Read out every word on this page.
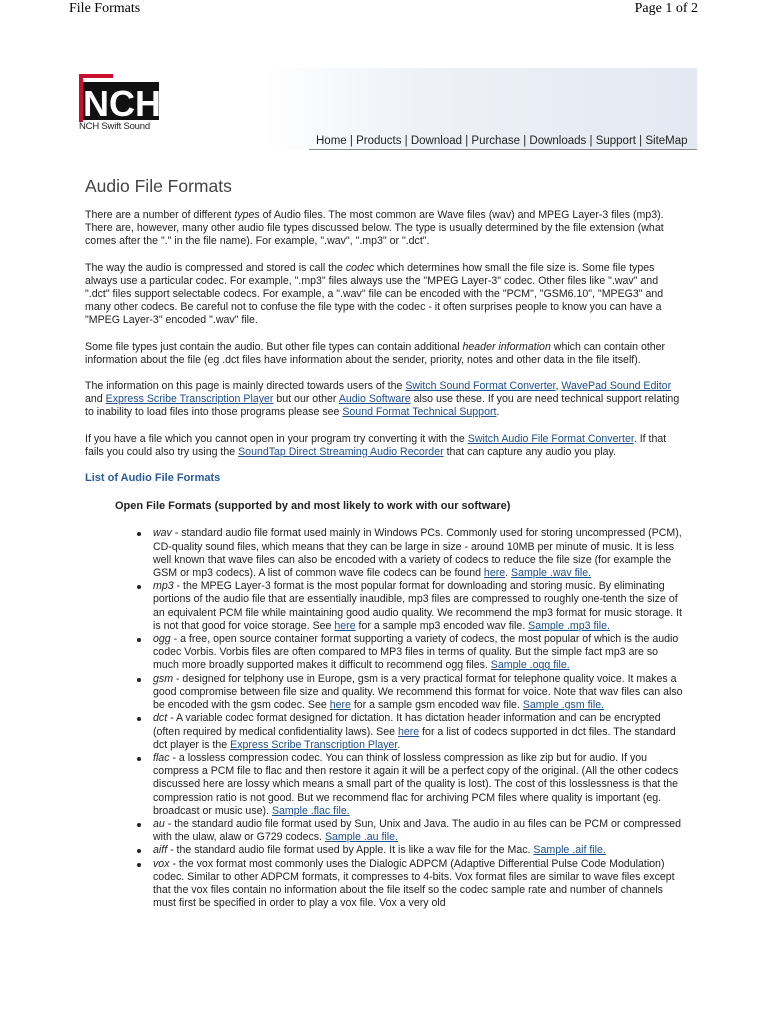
File Formats	Page 1 of 2
NCH
NCH Swift Sound
Home | Products | Download | Purchase | Downloads | Support | SiteMap
Audio File Formats

There are a number of different types of Audio files. The most common are Wave files (wav) and MPEG Layer-3 files (mp3). There are, however, many other audio file types discussed below. The type is usually determined by the file extension (what comes after the "." in the file name). For example, ".wav", ".mp3" or ".dct".

The way the audio is compressed and stored is call the codec which determines how small the file size is. Some file types always use a particular codec. For example, ".mp3" files always use the "MPEG Layer-3" codec. Other files like ".wav" and ".dct" files support selectable codecs. For example, a ".wav" file can be encoded with the "PCM", "GSM6.10", "MPEG3" and many other codecs. Be careful not to confuse the file type with the codec - it often surprises people to know you can have a "MPEG Layer-3" encoded ".wav" file.

Some file types just contain the audio. But other file types can contain additional header information which can contain other information about the file (eg .dct files have information about the sender, priority, notes and other data in the file itself).

The information on this page is mainly directed towards users of the Switch Sound Format Converter, WavePad Sound Editor and Express Scribe Transcription Player but our other Audio Software also use these. If you are need technical support relating to inability to load files into those programs please see Sound Format Technical Support.

If you have a file which you cannot open in your program try converting it with the Switch Audio File Format Converter. If that fails you could also try using the SoundTap Direct Streaming Audio Recorder that can capture any audio you play.

List of Audio File Formats
Open File Formats (supported by and most likely to work with our software)
wav - standard audio file format used mainly in Windows PCs. Commonly used for storing uncompressed (PCM), CD-quality sound files, which means that they can be large in size - around 10MB per minute of music. It is less well known that wave files can also be encoded with a variety of codecs to reduce the file size (for example the GSM or mp3 codecs). A list of common wave file codecs can be found here. Sample .wav file.
mp3 - the MPEG Layer-3 format is the most popular format for downloading and storing music. By eliminating portions of the audio file that are essentially inaudible, mp3 files are compressed to roughly one-tenth the size of an equivalent PCM file while maintaining good audio quality. We recommend the mp3 format for music storage. It is not that good for voice storage. See here for a sample mp3 encoded wav file. Sample .mp3 file.
ogg - a free, open source container format supporting a variety of codecs, the most popular of which is the audio codec Vorbis. Vorbis files are often compared to MP3 files in terms of quality. But the simple fact mp3 are so much more broadly supported makes it difficult to recommend ogg files. Sample .ogg file.
gsm - designed for telphony use in Europe, gsm is a very practical format for telephone quality voice. It makes a good compromise between file size and quality. We recommend this format for voice. Note that wav files can also be encoded with the gsm codec. See here for a sample gsm encoded wav file. Sample .gsm file.
dct - A variable codec format designed for dictation. It has dictation header information and can be encrypted (often required by medical confidentiality laws). See here for a list of codecs supported in dct files. The standard dct player is the Express Scribe Transcription Player.
flac - a lossless compression codec. You can think of lossless compression as like zip but for audio. If you compress a PCM file to flac and then restore it again it will be a perfect copy of the original. (All the other codecs discussed here are lossy which means a small part of the quality is lost). The cost of this losslessness is that the compression ratio is not good. But we recommend flac for archiving PCM files where quality is important (eg. broadcast or music use). Sample .flac file.
au - the standard audio file format used by Sun, Unix and Java. The audio in au files can be PCM or compressed with the ulaw, alaw or G729 codecs. Sample .au file.
aiff - the standard audio file format used by Apple. It is like a wav file for the Mac. Sample .aif file.
vox - the vox format most commonly uses the Dialogic ADPCM (Adaptive Differential Pulse Code Modulation) codec. Similar to other ADPCM formats, it compresses to 4-bits. Vox format files are similar to wave files except that the vox files contain no information about the file itself so the codec sample rate and number of channels must first be specified in order to play a vox file. Vox a very old
